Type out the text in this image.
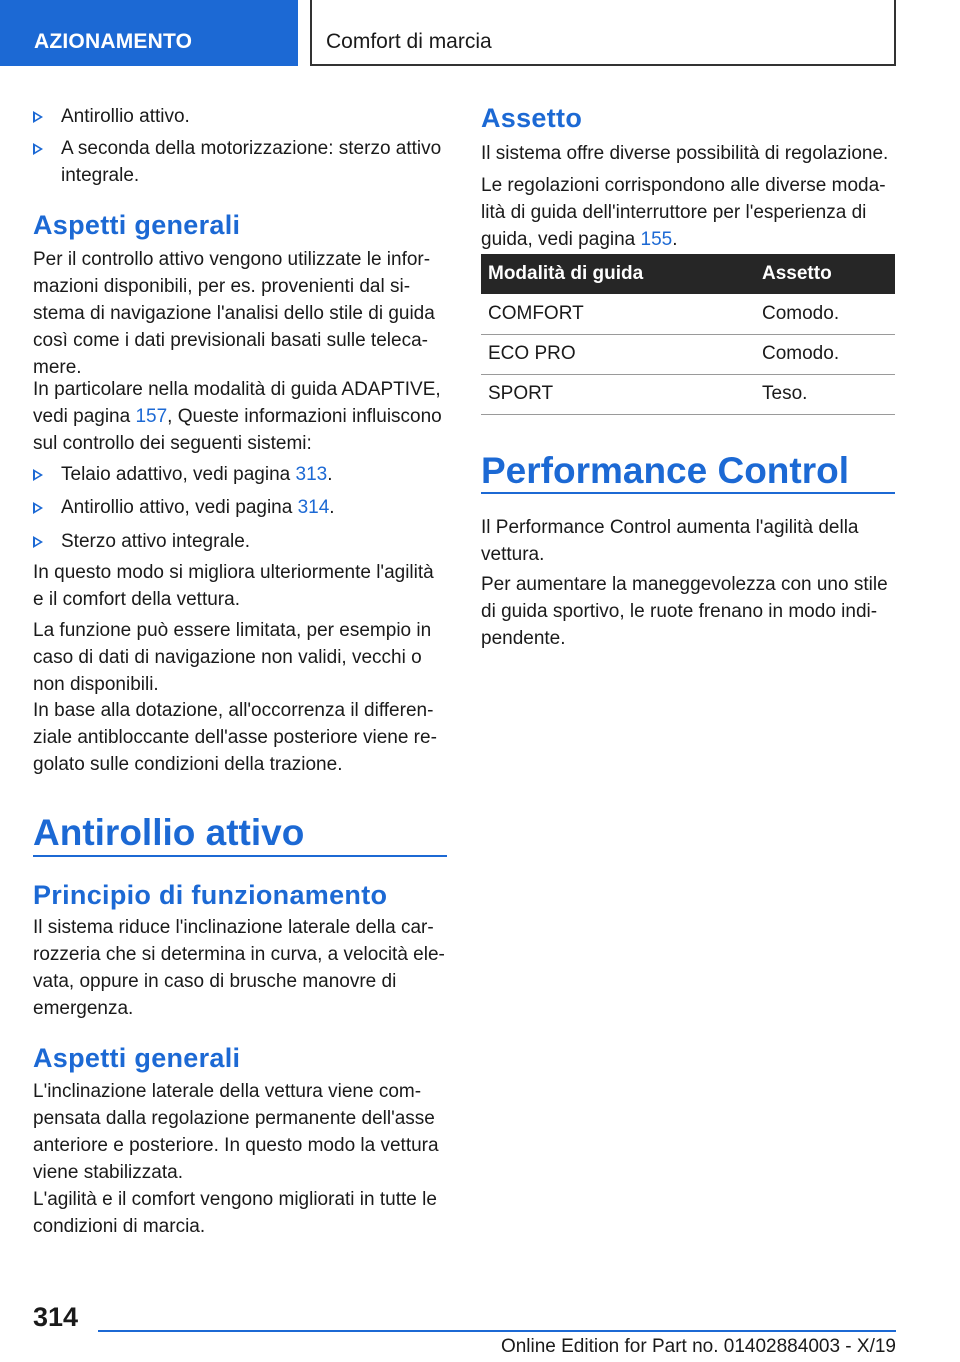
AZIONAMENTO	Comfort di marcia
Antirollio attivo.
A seconda della motorizzazione: sterzo attivo integrale.
Aspetti generali

Per il controllo attivo vengono utilizzate le informazioni disponibili, per es. provenienti dal sistema di navigazione l'analisi dello stile di guida così come i dati previsionali basati sulle telecamere.

In particolare nella modalità di guida ADAPTIVE, vedi pagina 157, Queste informazioni influiscono sul controllo dei seguenti sistemi:

Telaio adattivo, vedi pagina 313.
Antirollio attivo, vedi pagina 314.
Sterzo attivo integrale.

In questo modo si migliora ulteriormente l'agilità e il comfort della vettura.

La funzione può essere limitata, per esempio in caso di dati di navigazione non validi, vecchi o non disponibili.

In base alla dotazione, all'occorrenza il differenziale antibloccante dell'asse posteriore viene regolato sulle condizioni della trazione.

Antirollio attivo
Principio di funzionamento

Il sistema riduce l'inclinazione laterale della carrozzeria che si determina in curva, a velocità elevata, oppure in caso di brusche manovre di emergenza.

Aspetti generali

L'inclinazione laterale della vettura viene compensata dalla regolazione permanente dell'asse anteriore e posteriore. In questo modo la vettura viene stabilizzata.

L'agilità e il comfort vengono migliorati in tutte le condizioni di marcia.

Assetto

Il sistema offre diverse possibilità di regolazione.

Le regolazioni corrispondono alle diverse modalità di guida dell'interruttore per l'esperienza di guida, vedi pagina 155.

Modalità di guida	Assetto
COMFORT	Comodo.
ECO PRO	Comodo.
SPORT	Teso.
Performance Control

Il Performance Control aumenta l'agilità della vettura.

Per aumentare la maneggevolezza con uno stile di guida sportivo, le ruote frenano in modo indipendente.

314
Online Edition for Part no. 01402884003 - X/19
